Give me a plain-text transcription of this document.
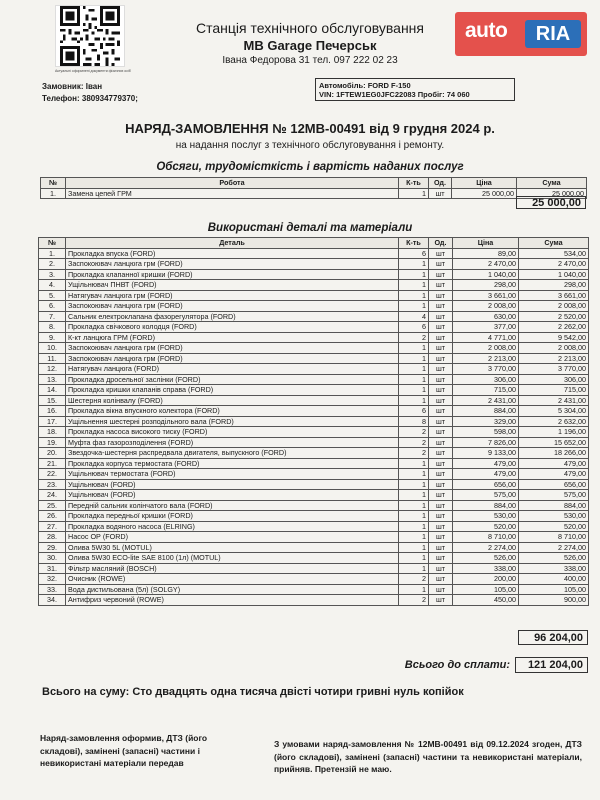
Актуальні оформлені документи фізичних осіб
Станція технічного обслуговування
MB Garage Печерськ
Івана Федорова 31 тел. 097 222 02 23
auto	RIA
Замовник: Іван
Телефон: 380934779370;
Автомобіль: FORD F-150
VIN: 1FTEW1EG0JFC22083 Пробіг: 74 060
НАРЯД-ЗАМОВЛЕННЯ № 12MB-00491 від 9 грудня 2024 р.
на надання послуг з технічного обслуговування і ремонту.
Обсяги, трудомісткість і вартість наданих послуг
№	Робота	К-ть	Од.	Ціна	Сума
1.	Замена цепей ГРМ	1	шт	25 000,00	25 000,00
25 000,00
Використані деталі та матеріали
№	Деталь	К-ть	Од.	Ціна	Сума
1.	Прокладка впуска (FORD)	6	шт	89,00	534,00
2.	Заспокоювач ланцюга грм (FORD)	1	шт	2 470,00	2 470,00
3.	Прокладка клапанної кришки (FORD)	1	шт	1 040,00	1 040,00
4.	Ущільнювач ПНВТ (FORD)	1	шт	298,00	298,00
5.	Натягувач ланцюга грм (FORD)	1	шт	3 661,00	3 661,00
6.	Заспокоювач ланцюга грм (FORD)	1	шт	2 008,00	2 008,00
7.	Сальник електроклапана фазорегулятора (FORD)	4	шт	630,00	2 520,00
8.	Прокладка свічкового колодця (FORD)	6	шт	377,00	2 262,00
9.	К-кт ланцюга ГРМ (FORD)	2	шт	4 771,00	9 542,00
10.	Заспокоювач ланцюга грм (FORD)	1	шт	2 008,00	2 008,00
11.	Заспокоювач ланцюга грм (FORD)	1	шт	2 213,00	2 213,00
12.	Натягувач ланцюга (FORD)	1	шт	3 770,00	3 770,00
13.	Прокладка дросельної заслінки (FORD)	1	шт	306,00	306,00
14.	Прокладка кришки клапанів справа (FORD)	1	шт	715,00	715,00
15.	Шестерня колінвалу (FORD)	1	шт	2 431,00	2 431,00
16.	Прокладка вікна впускного колектора (FORD)	6	шт	884,00	5 304,00
17.	Ущільнення шестерні розподільного вала (FORD)	8	шт	329,00	2 632,00
18.	Прокладка насоса високого тиску (FORD)	2	шт	598,00	1 196,00
19.	Муфта фаз газорозподілення (FORD)	2	шт	7 826,00	15 652,00
20.	Звездочка-шестерня распредвала двигателя, выпускного (FORD)	2	шт	9 133,00	18 266,00
21.	Прокладка корпуса термостата (FORD)	1	шт	479,00	479,00
22.	Ущільнювач термостата (FORD)	1	шт	479,00	479,00
23.	Ущільнювач (FORD)	1	шт	656,00	656,00
24.	Ущільнювач (FORD)	1	шт	575,00	575,00
25.	Передній сальник колінчатого вала (FORD)	1	шт	884,00	884,00
26.	Прокладка передньої кришки (FORD)	1	шт	530,00	530,00
27.	Прокладка водяного насоса (ELRING)	1	шт	520,00	520,00
28.	Насос ОР (FORD)	1	шт	8 710,00	8 710,00
29.	Олива 5W30 5L (MOTUL)	1	шт	2 274,00	2 274,00
30.	Олива 5W30 ECO-lite SAE 8100 (1л) (MOTUL)	1	шт	526,00	526,00
31.	Фільтр масляний (BOSCH)	1	шт	338,00	338,00
32.	Очисник (ROWE)	2	шт	200,00	400,00
33.	Вода дистильована (5л) (SOLGY)	1	шт	105,00	105,00
34.	Антифриз червоний (ROWE)	2	шт	450,00	900,00
96 204,00
Всього до сплати:	121 204,00
Всього на суму: Сто двадцять одна тисяча двісті чотири гривні нуль копійок
Наряд-замовлення оформив, ДТЗ (його складові), замінені (запасні) частини і невикористані матеріали передав
З умовами наряд-замовлення № 12MB-00491 від 09.12.2024 згоден, ДТЗ (його складові), замінені (запасні) частини та невикористані матеріали, прийняв. Претензій не маю.
